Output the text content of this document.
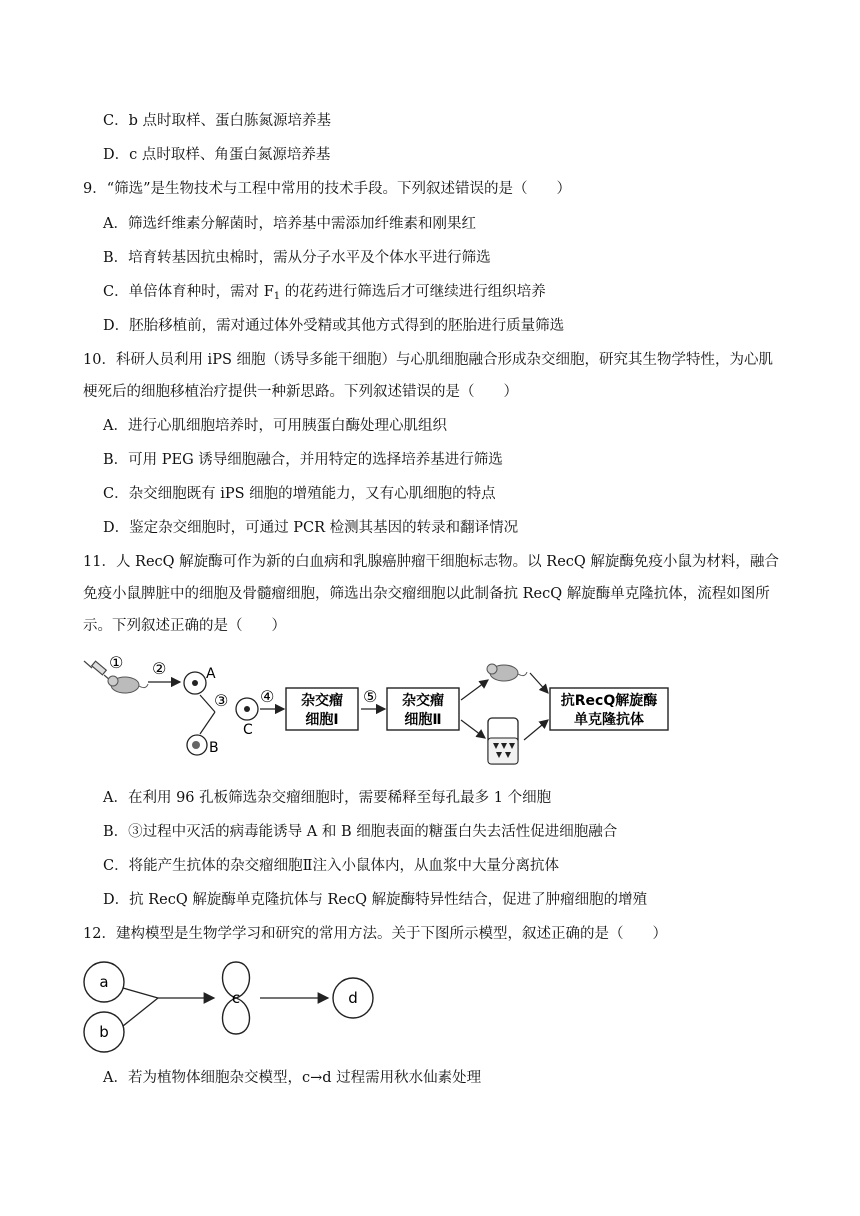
C．b 点时取样、蛋白胨氮源培养基
D．c 点时取样、角蛋白氮源培养基
9．“筛选”是生物技术与工程中常用的技术手段。下列叙述错误的是（　　）
A．筛选纤维素分解菌时，培养基中需添加纤维素和刚果红
B．培育转基因抗虫棉时，需从分子水平及个体水平进行筛选
C．单倍体育种时，需对 $F_1$ 的花药进行筛选后才可继续进行组织培养
D．胚胎移植前，需对通过体外受精或其他方式得到的胚胎进行质量筛选
10．科研人员利用 iPS 细胞（诱导多能干细胞）与心肌细胞融合形成杂交细胞，研究其生物学特性，为心肌
梗死后的细胞移植治疗提供一种新思路。下列叙述错误的是（　　）
A．进行心肌细胞培养时，可用胰蛋白酶处理心肌组织
B．可用 PEG 诱导细胞融合，并用特定的选择培养基进行筛选
C．杂交细胞既有 iPS 细胞的增殖能力，又有心肌细胞的特点
D．鉴定杂交细胞时，可通过 PCR 检测其基因的转录和翻译情况
11．人 RecQ 解旋酶可作为新的白血病和乳腺癌肿瘤干细胞标志物。以 RecQ 解旋酶免疫小鼠为材料，融合
免疫小鼠脾脏中的细胞及骨髓瘤细胞，筛选出杂交瘤细胞以此制备抗 RecQ 解旋酶单克隆抗体，流程如图所
示。下列叙述正确的是（　　）
① ②	A
③
B
C
④ 杂交瘤
细胞Ⅰ
⑤ 杂交瘤
细胞Ⅱ
抗RecQ解旋酶
单克隆抗体
A．在利用 96 孔板筛选杂交瘤细胞时，需要稀释至每孔最多 1 个细胞
B．③过程中灭活的病毒能诱导 A 和 B 细胞表面的糖蛋白失去活性促进细胞融合
C．将能产生抗体的杂交瘤细胞Ⅱ注入小鼠体内，从血浆中大量分离抗体
D．抗 RecQ 解旋酶单克隆抗体与 RecQ 解旋酶特异性结合，促进了肿瘤细胞的增殖
12．建构模型是生物学学习和研究的常用方法。关于下图所示模型，叙述正确的是（　　）
a
b
c	d
A．若为植物体细胞杂交模型，c→d 过程需用秋水仙素处理
